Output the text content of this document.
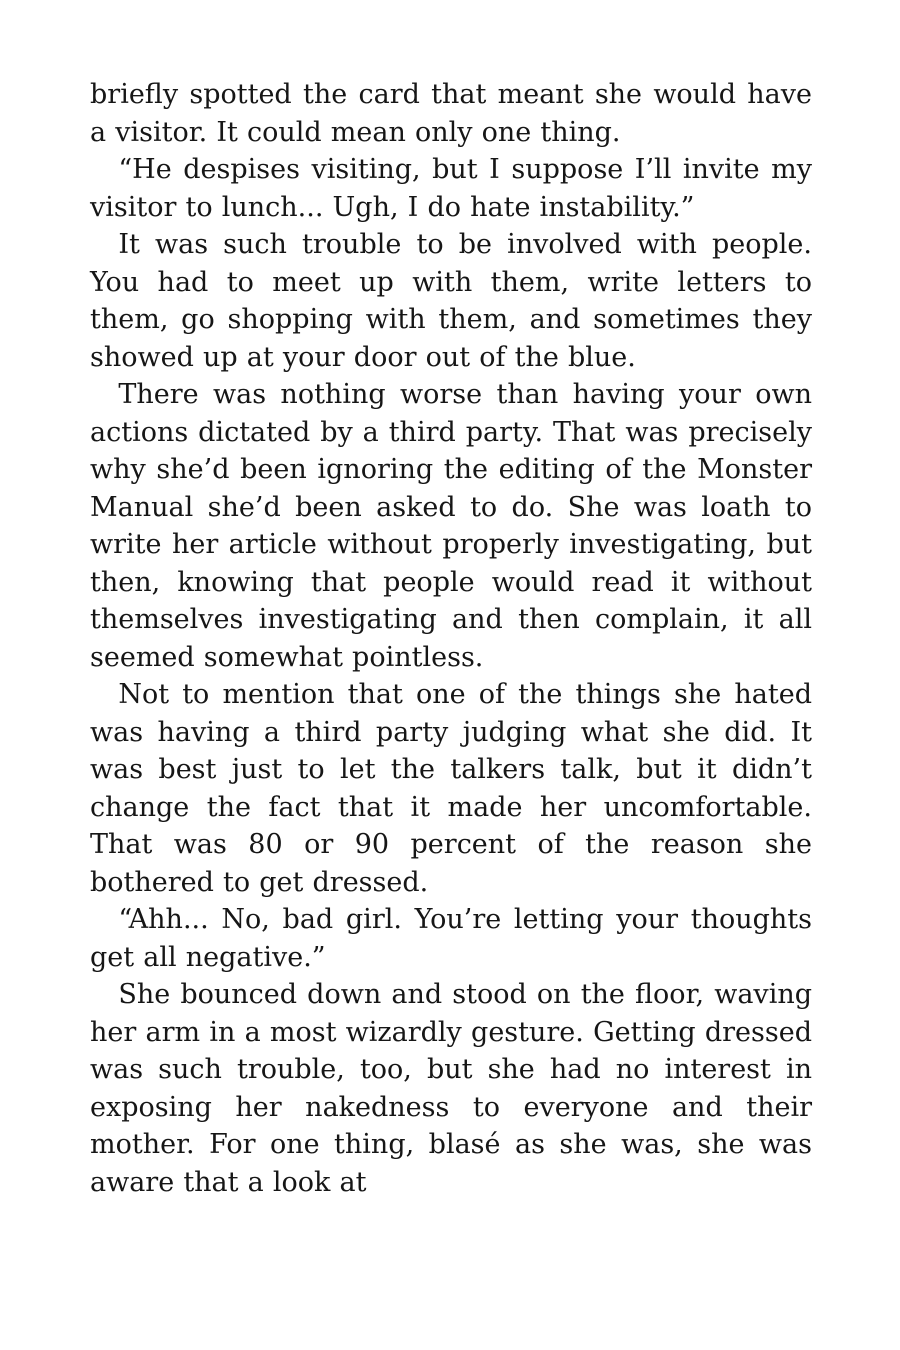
briefly spotted the card that meant she would have a visitor. It could mean only one thing.

“He despises visiting, but I suppose I’ll invite my visitor to lunch... Ugh, I do hate instability.”

It was such trouble to be involved with people. You had to meet up with them, write letters to them, go shopping with them, and sometimes they showed up at your door out of the blue.

There was nothing worse than having your own actions dictated by a third party. That was precisely why she’d been ignoring the editing of the Monster Manual she’d been asked to do. She was loath to write her article without properly investigating, but then, knowing that people would read it without themselves investigating and then complain, it all seemed somewhat pointless.

Not to mention that one of the things she hated was having a third party judging what she did. It was best just to let the talkers talk, but it didn’t change the fact that it made her uncomfortable. That was 80 or 90 percent of the reason she bothered to get dressed.

“Ahh... No, bad girl. You’re letting your thoughts get all negative.”

She bounced down and stood on the floor, waving her arm in a most wizardly gesture. Getting dressed was such trouble, too, but she had no interest in exposing her nakedness to everyone and their mother. For one thing, blasé as she was, she was aware that a look at
